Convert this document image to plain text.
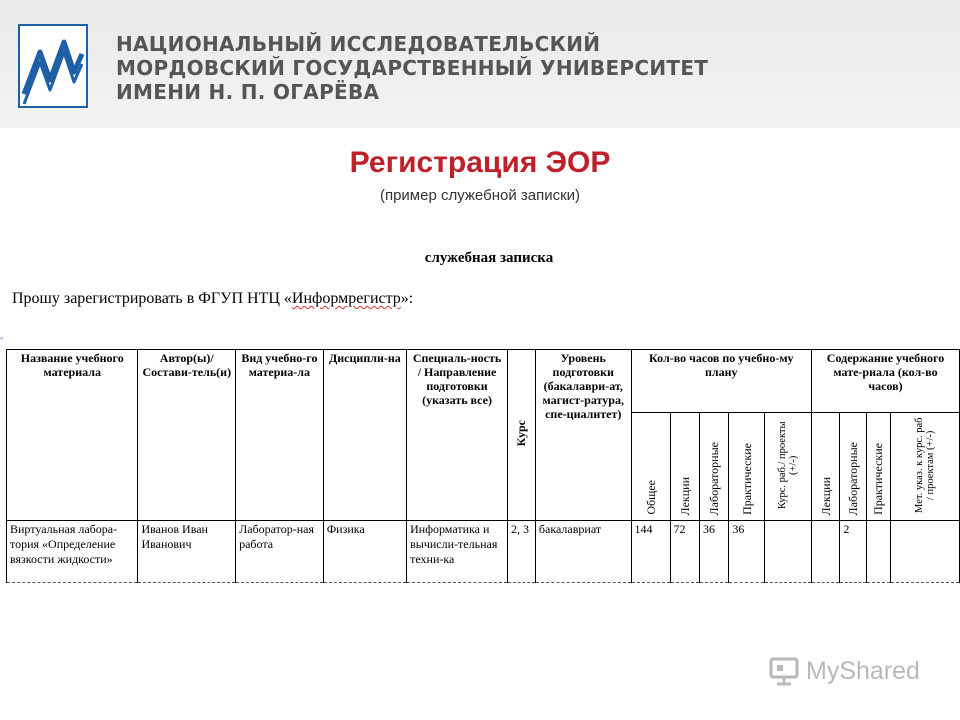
НАЦИОНАЛЬНЫЙ ИССЛЕДОВАТЕЛЬСКИЙ
МОРДОВСКИЙ ГОСУДАРСТВЕННЫЙ УНИВЕРСИТЕТ
ИМЕНИ Н. П. ОГАРЁВА
Регистрация ЭОР
(пример служебной записки)
служебная записка
Прошу зарегистрировать в ФГУП НТЦ «Информрегистр»:
▫
Название учебного материала	Автор(ы)/ Состави-тель(и)	Вид учебно-го материа-ла	Дисципли-на	Специаль-ность / Направление подготовки (указать все)	Курс	Уровень подготовки (бакалаври-ат, магист-ратура, спе-циалитет)	Кол-во часов по учебно-му плану					Содержание учебного мате-риала (кол-во часов)			
							Общее	Лекции	Лабораторные	Практические	Курс. раб./ проекты (+/-)	Лекции	Лабораторные	Практические	Мет. указ. к курс. раб / проектам (+/-)
Виртуальная лабора-тория «Определение вязкости жидкости»	Иванов Иван Иванович	Лаборатор-ная работа	Физика	Информатика и вычисли-тельная техни-ка	2, 3	бакалавриат	144	72	36	36			2		
MyShared
